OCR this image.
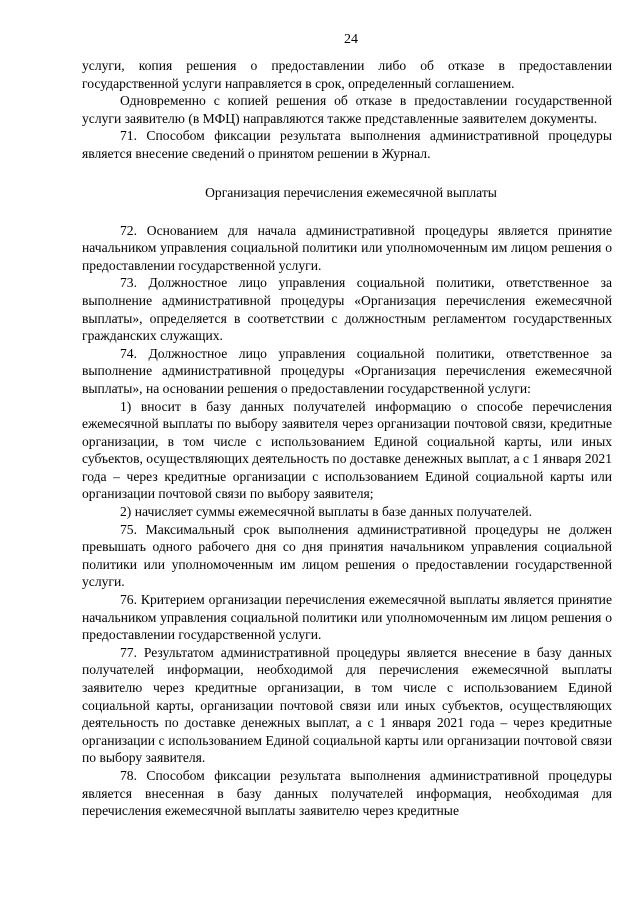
24

услуги, копия решения о предоставлении либо об отказе в предоставлении государственной услуги направляется в срок, определенный соглашением.

Одновременно с копией решения об отказе в предоставлении государственной услуги заявителю (в МФЦ) направляются также представленные заявителем документы.

71. Способом фиксации результата выполнения административной процедуры является внесение сведений о принятом решении в Журнал.

Организация перечисления ежемесячной выплаты

72. Основанием для начала административной процедуры является принятие начальником управления социальной политики или уполномоченным им лицом решения о предоставлении государственной услуги.

73. Должностное лицо управления социальной политики, ответственное за выполнение административной процедуры «Организация перечисления ежемесячной выплаты», определяется в соответствии с должностным регламентом государственных гражданских служащих.

74. Должностное лицо управления социальной политики, ответственное за выполнение административной процедуры «Организация перечисления ежемесячной выплаты», на основании решения о предоставлении государственной услуги:

1) вносит в базу данных получателей информацию о способе перечисления ежемесячной выплаты по выбору заявителя через организации почтовой связи, кредитные организации, в том числе с использованием Единой социальной карты, или иных субъектов, осуществляющих деятельность по доставке денежных выплат, а с 1 января 2021 года – через кредитные организации с использованием Единой социальной карты или организации почтовой связи по выбору заявителя;

2) начисляет суммы ежемесячной выплаты в базе данных получателей.

75. Максимальный срок выполнения административной процедуры не должен превышать одного рабочего дня со дня принятия начальником управления социальной политики или уполномоченным им лицом решения о предоставлении государственной услуги.

76. Критерием организации перечисления ежемесячной выплаты является принятие начальником управления социальной политики или уполномоченным им лицом решения о предоставлении государственной услуги.

77. Результатом административной процедуры является внесение в базу данных получателей информации, необходимой для перечисления ежемесячной выплаты заявителю через кредитные организации, в том числе с использованием Единой социальной карты, организации почтовой связи или иных субъектов, осуществляющих деятельность по доставке денежных выплат, а с 1 января 2021 года – через кредитные организации с использованием Единой социальной карты или организации почтовой связи по выбору заявителя.

78. Способом фиксации результата выполнения административной процедуры является внесенная в базу данных получателей информация, необходимая для перечисления ежемесячной выплаты заявителю через кредитные
